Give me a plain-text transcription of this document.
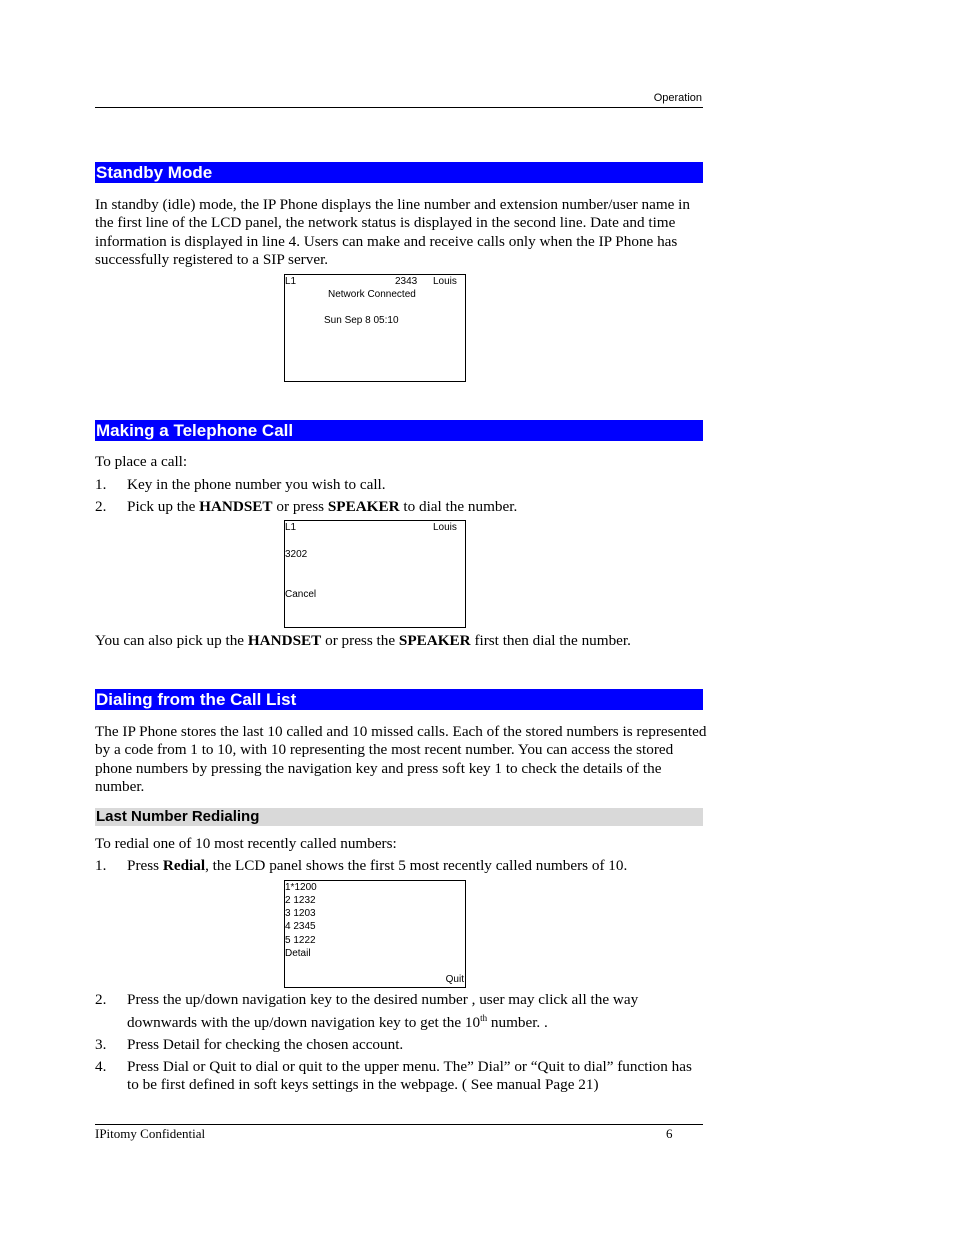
Operation
Standby Mode
In standby (idle) mode, the IP Phone displays the line number and extension number/user name in the first line of the LCD panel, the network status is displayed in the second line. Date and time information is displayed in line 4. Users can make and receive calls only when the IP Phone has successfully registered to a SIP server.
L1	2343 Louis
Network Connected
Sun Sep 8 05:10
Making a Telephone Call
To place a call:
1. Key in the phone number you wish to call.
2. Pick up the HANDSET or press SPEAKER to dial the number.
L1	Louis
3202
Cancel
You can also pick up the HANDSET or press the SPEAKER first then dial the number.
Dialing from the Call List
The IP Phone stores the last 10 called and 10 missed calls. Each of the stored numbers is represented by a code from 1 to 10, with 10 representing the most recent number. You can access the stored phone numbers by pressing the navigation key and press soft key 1 to check the details of the number.
Last Number Redialing
To redial one of 10 most recently called numbers:
1. Press Redial, the LCD panel shows the first 5 most recently called numbers of 10.
1*1200
2 1232
3 1203
4 2345
5 1222
Detail
Quit
2. Press the up/down navigation key to the desired number , user may click all the way
downwards with the up/down navigation key to get the 10th number. .
3. Press Detail for checking the chosen account.
4. Press Dial or Quit to dial or quit to the upper menu. The” Dial” or “Quit to dial” function has to be first defined in soft keys settings in the webpage. ( See manual Page 21)
IPitomy Confidential	6
